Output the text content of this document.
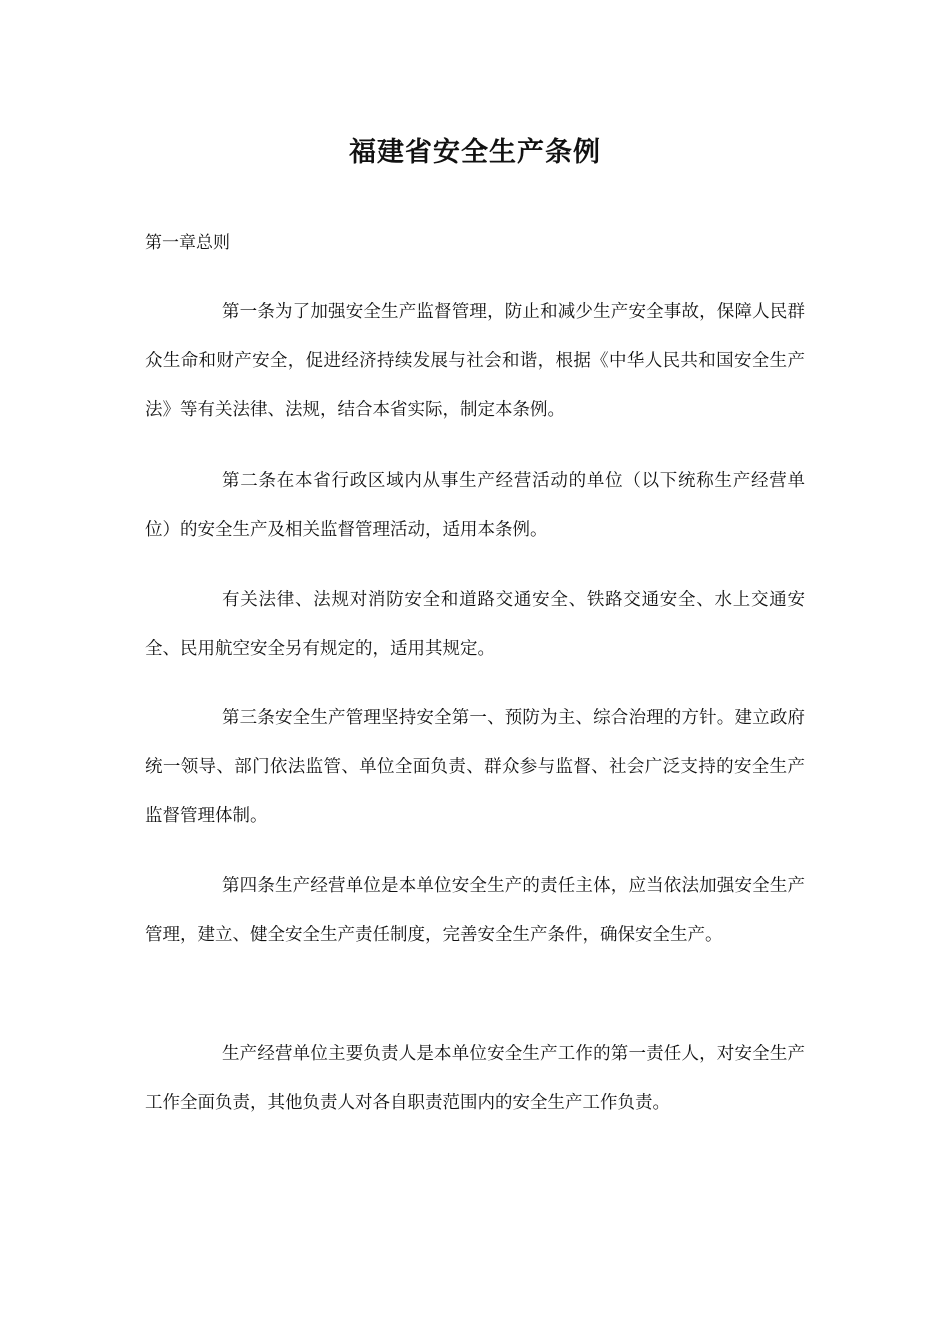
福建省安全生产条例

第一章总则

第一条为了加强安全生产监督管理，防止和减少生产安全事故，保障人民群众生命和财产安全，促进经济持续发展与社会和谐，根据《中华人民共和国安全生产法》等有关法律、法规，结合本省实际，制定本条例。

第二条在本省行政区域内从事生产经营活动的单位（以下统称生产经营单位）的安全生产及相关监督管理活动，适用本条例。

有关法律、法规对消防安全和道路交通安全、铁路交通安全、水上交通安全、民用航空安全另有规定的，适用其规定。

第三条安全生产管理坚持安全第一、预防为主、综合治理的方针。建立政府统一领导、部门依法监管、单位全面负责、群众参与监督、社会广泛支持的安全生产监督管理体制。

第四条生产经营单位是本单位安全生产的责任主体，应当依法加强安全生产管理，建立、健全安全生产责任制度，完善安全生产条件，确保安全生产。

生产经营单位主要负责人是本单位安全生产工作的第一责任人，对安全生产工作全面负责，其他负责人对各自职责范围内的安全生产工作负责。
